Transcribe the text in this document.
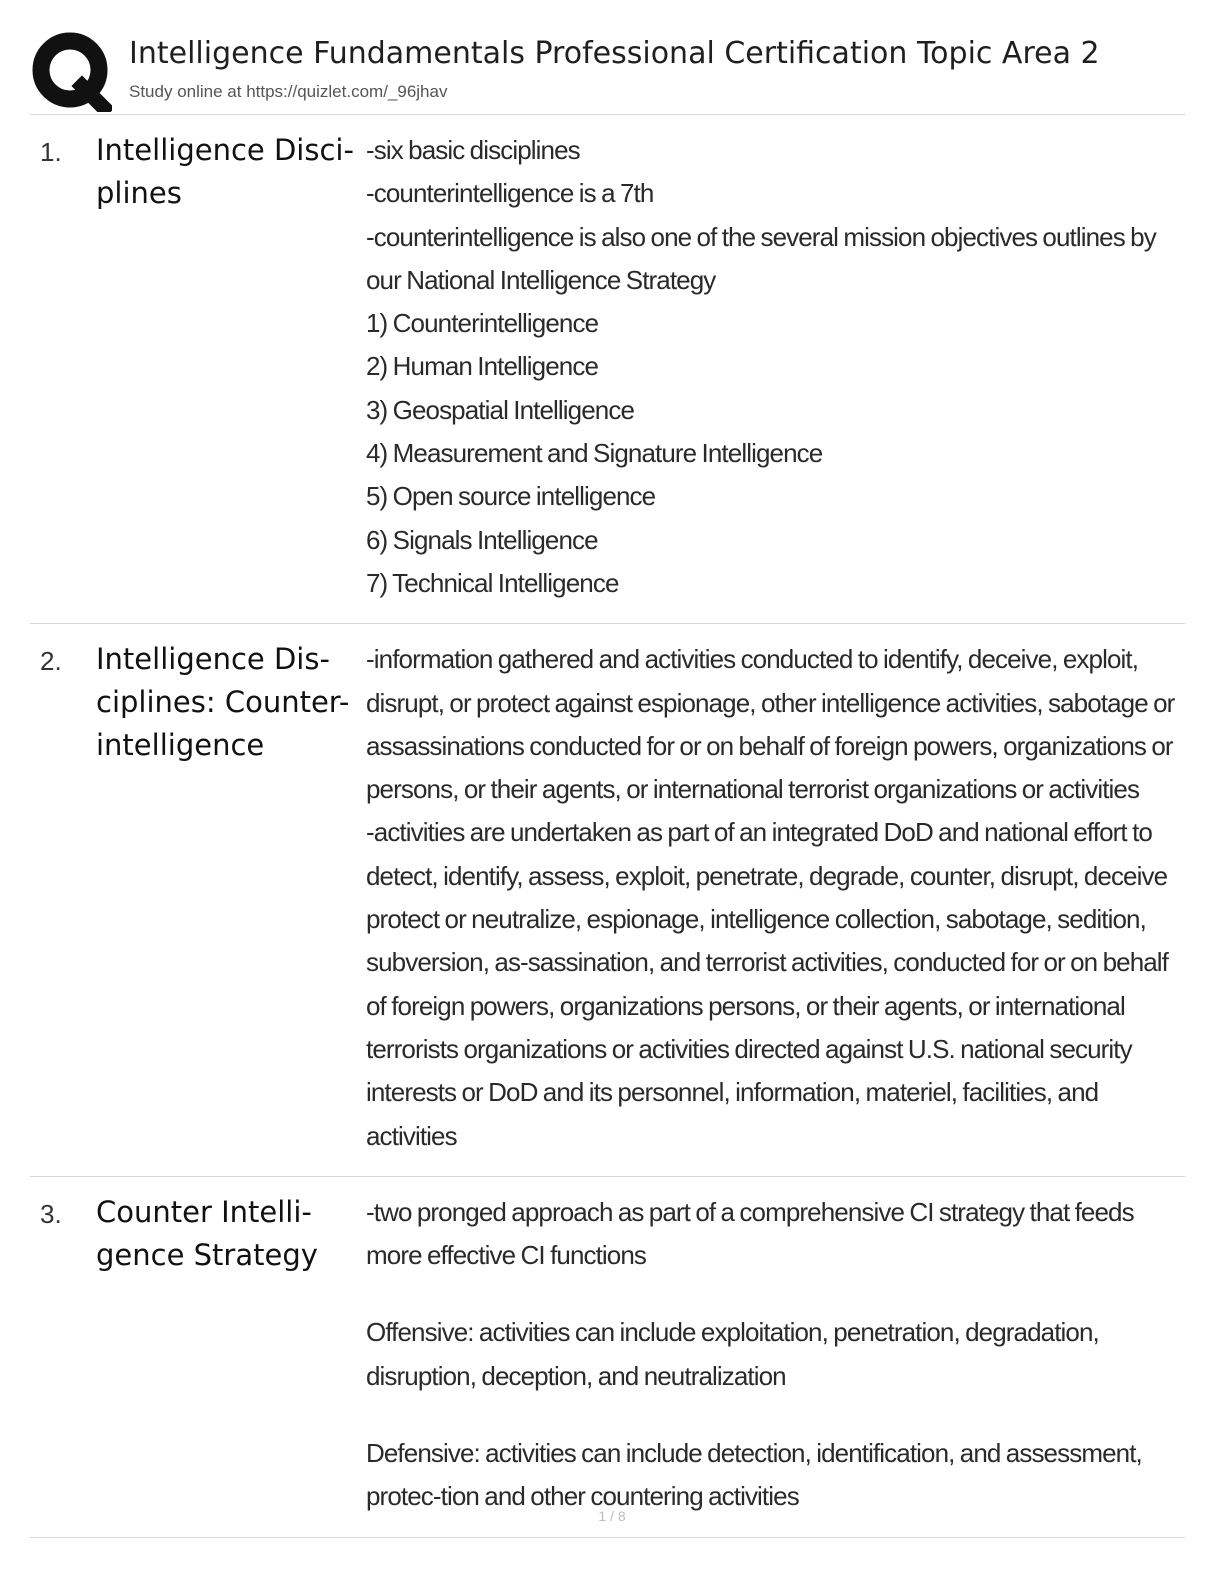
Intelligence Fundamentals Professional Certification Topic Area 2
Study online at https://quizlet.com/_96jhav
1. Intelligence Disci-plines
-six basic disciplines
-counterintelligence is a 7th
-counterintelligence is also one of the several mission objectives outlines by our National Intelligence Strategy
1) Counterintelligence
2) Human Intelligence
3) Geospatial Intelligence
4) Measurement and Signature Intelligence
5) Open source intelligence
6) Signals Intelligence
7) Technical Intelligence
2. Intelligence Dis-ciplines: Counter-intelligence
-information gathered and activities conducted to identify, deceive, exploit, disrupt, or protect against espionage, other intelligence activities, sabotage or assassinations conducted for or on behalf of foreign powers, organizations or persons, or their agents, or international terrorist organizations or activities
-activities are undertaken as part of an integrated DoD and national effort to detect, identify, assess, exploit, penetrate, degrade, counter, disrupt, deceive protect or neutralize, espionage, intelligence collection, sabotage, sedition, subversion, as-sassination, and terrorist activities, conducted for or on behalf of foreign powers, organizations persons, or their agents, or international terrorists organizations or activities directed against U.S. national security interests or DoD and its personnel, information, materiel, facilities, and activities
3. Counter Intelli-gence Strategy
-two pronged approach as part of a comprehensive CI strategy that feeds more effective CI functions
Offensive: activities can include exploitation, penetration, degradation, disruption, deception, and neutralization
Defensive: activities can include detection, identification, and assessment, protec-tion and other countering activities
1 / 8
